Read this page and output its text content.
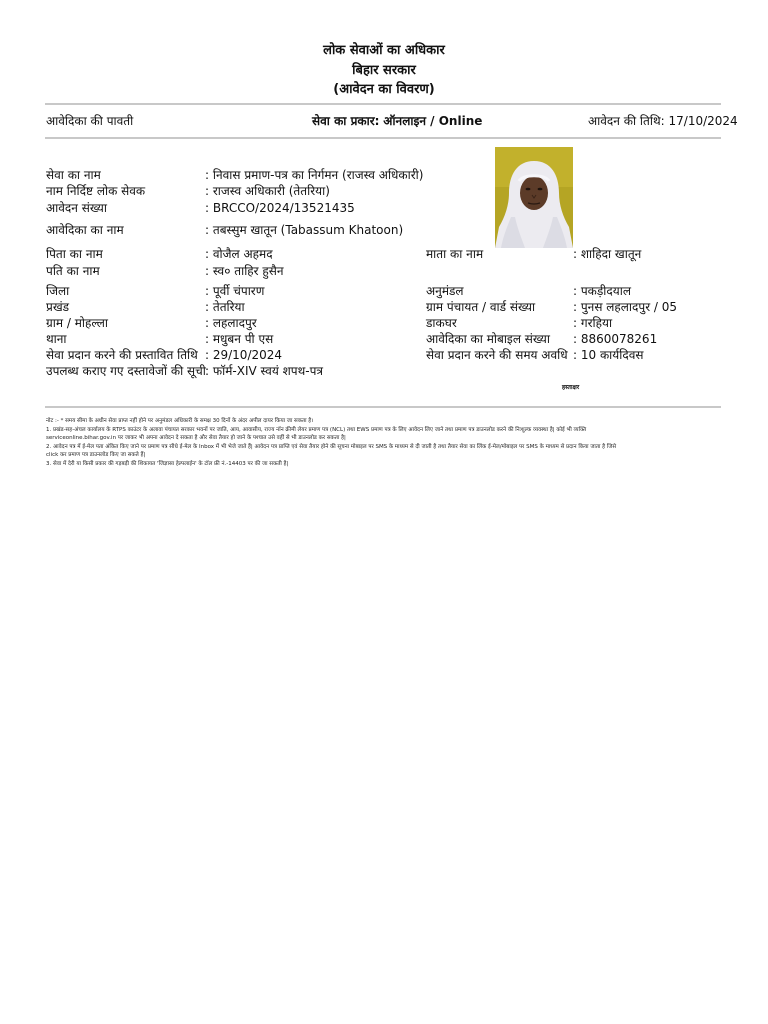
लोक सेवाओं का अधिकार
बिहार सरकार
(आवेदन का विवरण)
आवेदिका की पावती	सेवा का प्रकार: ऑनलाइन / Online	आवेदन की तिथि: 17/10/2024
सेवा का नाम	: निवास प्रमाण-पत्र का निर्गमन (राजस्व अधिकारी)
नाम निर्दिष्ट लोक सेवक	: राजस्व अधिकारी (तेतरिया)
आवेदन संख्या	: BRCCO/2024/13521435
आवेदिका का नाम	: तबस्सुम खातून (Tabassum Khatoon)
पिता का नाम	: वोजैल अहमद
पति का नाम	: स्व० ताहिर हुसैन
जिला	: पूर्वी चंपारण
प्रखंड	: तेतरिया
ग्राम / मोहल्ला	: लहलादपुर
थाना	: मधुबन पी एस
सेवा प्रदान करने की प्रस्तावित तिथि : 29/10/2024
उपलब्ध कराए गए दस्तावेजों की सूची : फॉर्म-XIV स्वयं शपथ-पत्र
माता का नाम	: शाहिदा खातून
अनुमंडल	: पकड़ीदयाल
ग्राम पंचायत / वार्ड संख्या	: पुनस लहलादपुर / 05
डाकघर	: गरहिया
आवेदिका का मोबाइल संख्या : 8860078261
सेवा प्रदान करने की समय अवधि : 10 कार्यदिवस
हस्ताक्षर
नोट :- * समय सीमा के अधीन सेवा प्राप्त नहीं होने पर अनुमंडल अधिकारी के समक्ष 30 दिनों के अंदर अपील दायर किया जा सकता है।
1. प्रखंड-सह-अंचल कार्यालय के RTPS काउंटर के अलावा पंचायत सरकार भवनों पर जाति, आय, आवासीय, राज्य नॉन क्रीमी लेयर प्रमाण पत्र (NCL) तथा EWS प्रमाण पत्र के लिए आवेदन लिए जाने तथा प्रमाण पत्र डाउनलोड करने की निःशुल्क व्यवस्था है| कोई भी व्यक्ति
serviceonline.bihar.gov.in पर जाकर भी अपना आवेदन दे सकता है और सेवा तैयार हो जाने के पश्चात उसे वहीं से भी डाउनलोड कर सकता है|
2. आवेदन पत्र में ई-मेल पता अंकित किए जाने पर प्रमाण पत्र सीधे ई-मेल के Inbox में भी भेजे जाते हैं| आवेदन पत्र प्राप्ति एवं सेवा तैयार होने की सूचना मोबाइल पर SMS के माध्यम से दी जाती है तथा तैयार सेवा का लिंक ई-मेल/मोबाइल पर SMS के माध्यम से प्रदान किया जाता है जिसे
click कर प्रमाण पत्र डाउनलोड किए जा सकते हैं|
3. सेवा में देरी या किसी प्रकार की गड़बड़ी की शिकायत 'जिज्ञासा हेल्पलाईन' के टॉल फ्री नं.-14403 पर की जा सकती है|
